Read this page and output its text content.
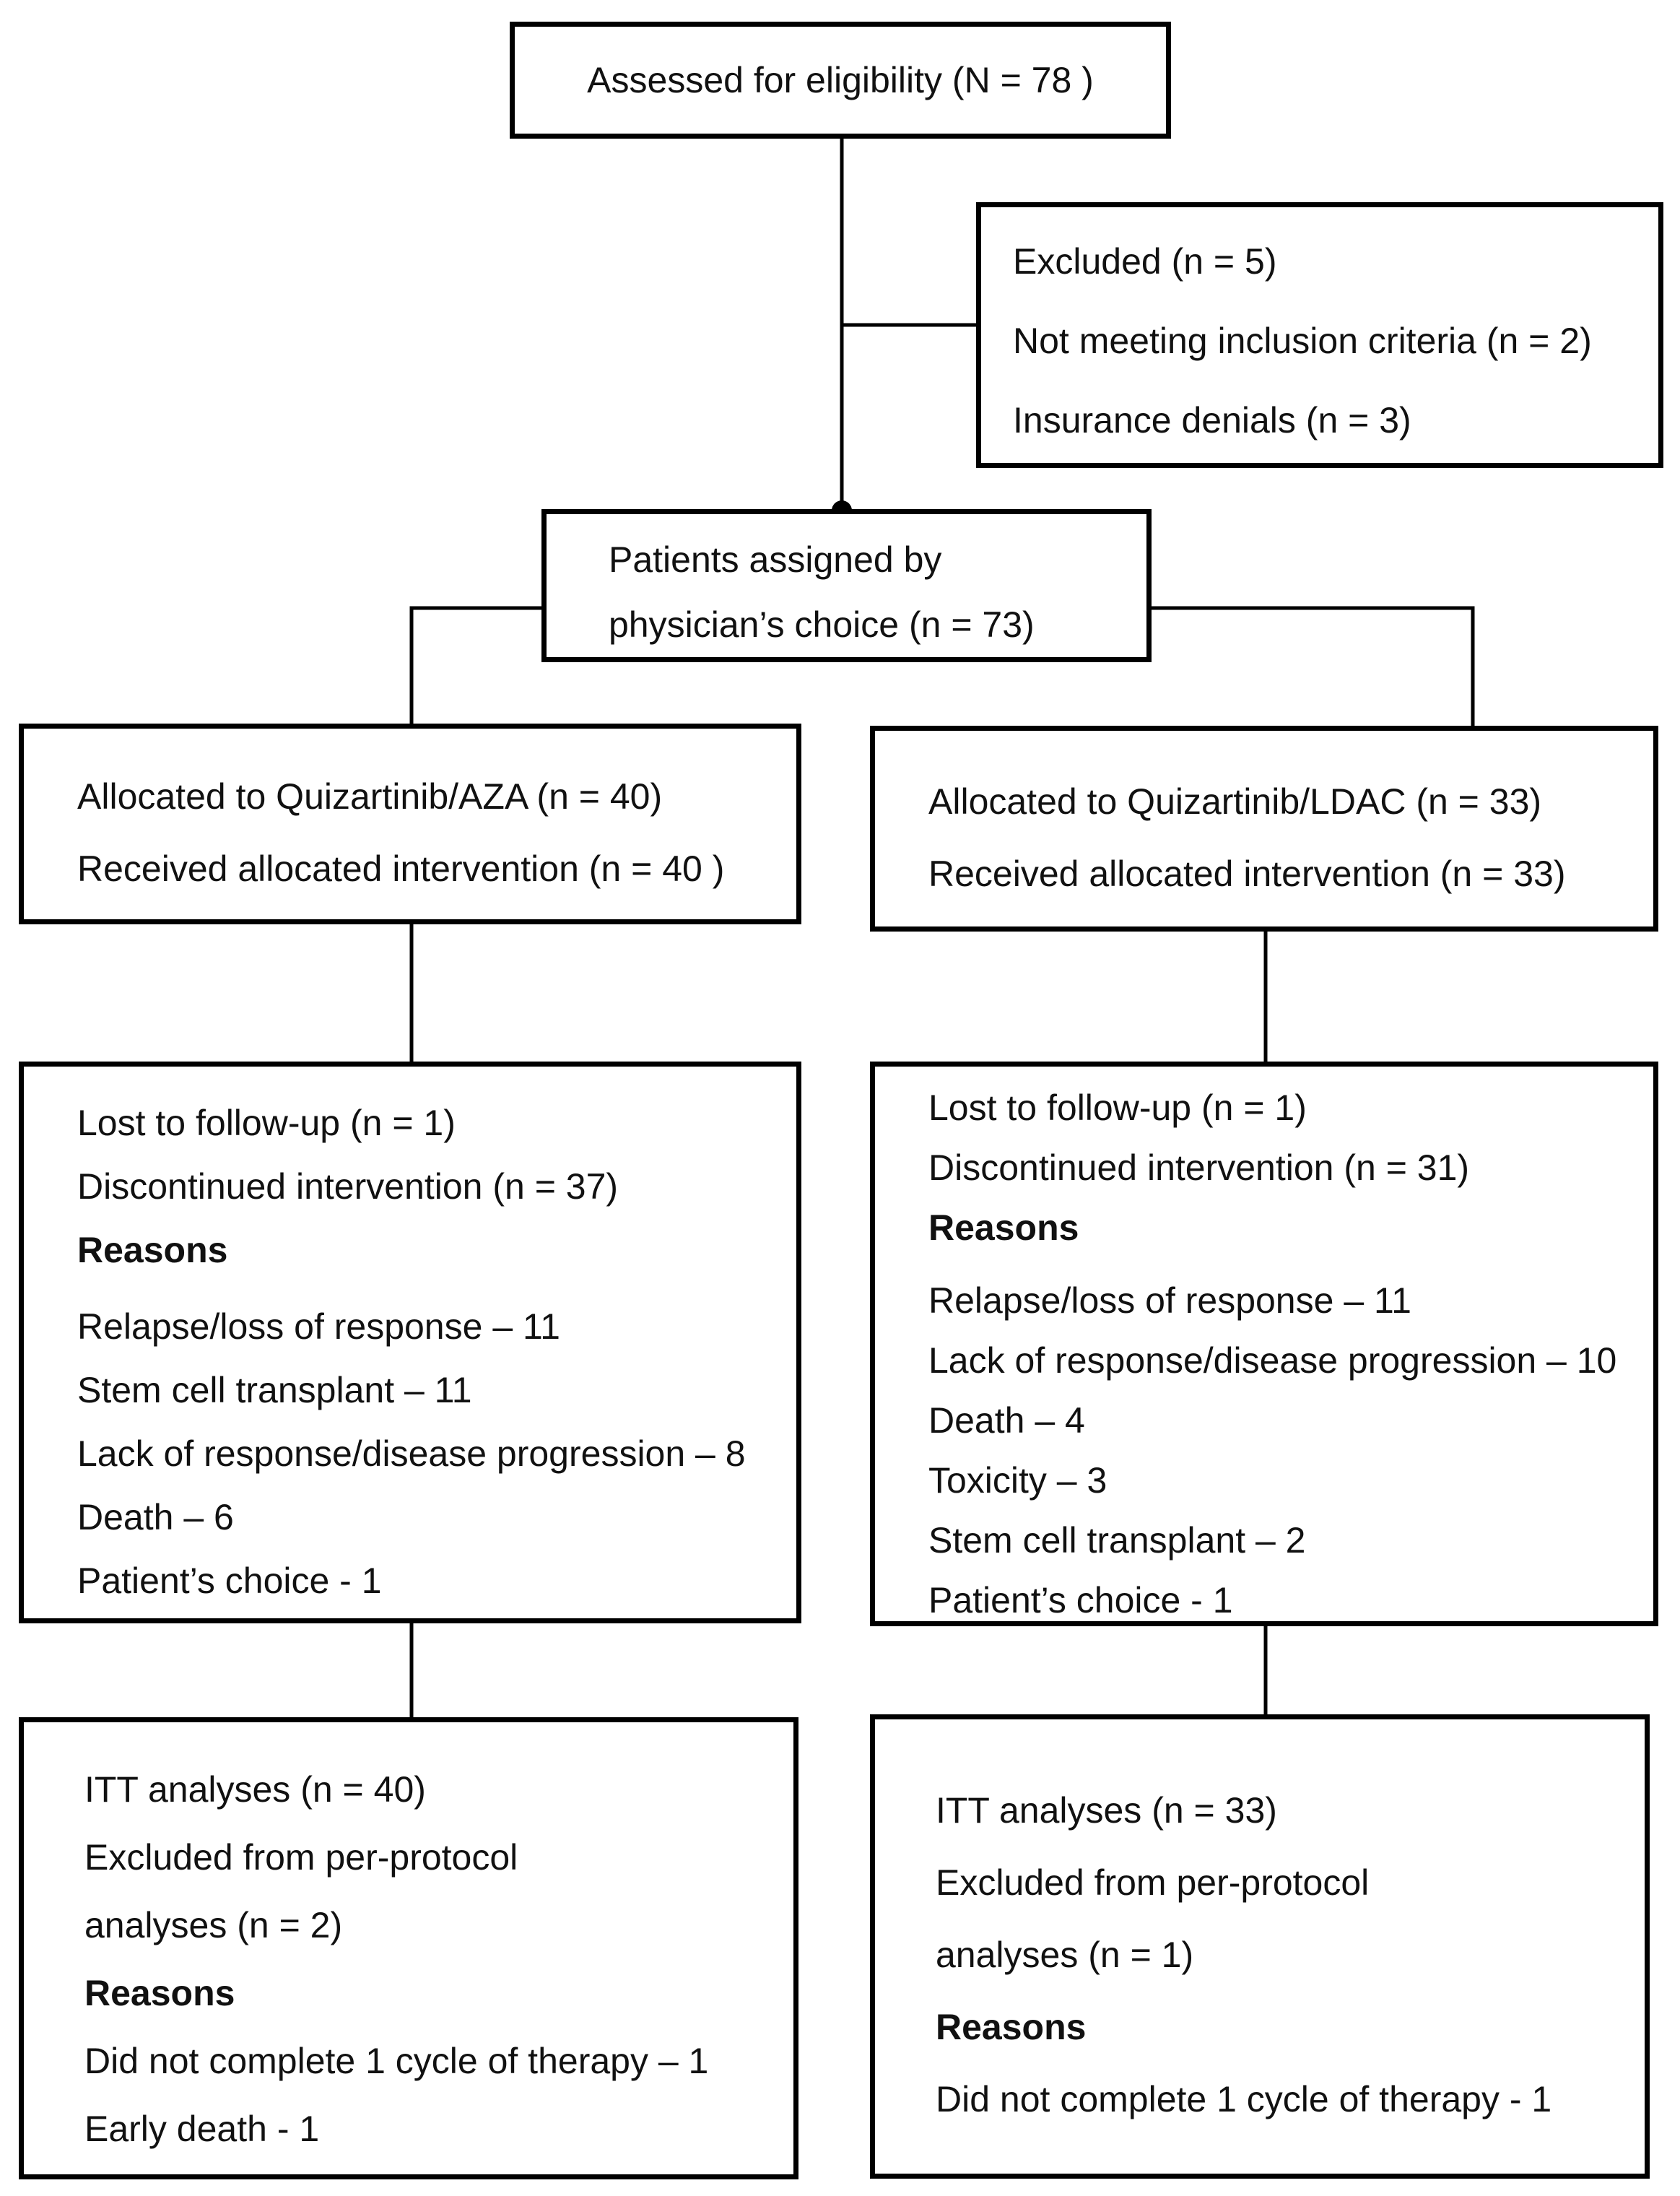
Assessed for eligibility (N = 78 )
Excluded (n = 5)
Not meeting inclusion criteria (n = 2)
Insurance denials (n = 3)
Patients assigned by
physician’s choice (n = 73)
Allocated to Quizartinib/AZA (n = 40)
Received allocated intervention (n = 40 )
Allocated to Quizartinib/LDAC (n = 33)
Received allocated intervention (n = 33)
Lost to follow-up (n = 1)
Discontinued intervention (n = 37)
Reasons
Relapse/loss of response – 11
Stem cell transplant – 11
Lack of response/disease progression – 8
Death – 6
Patient’s choice - 1
Lost to follow-up (n = 1)
Discontinued intervention (n = 31)
Reasons
Relapse/loss of response – 11
Lack of response/disease progression – 10
Death – 4
Toxicity – 3
Stem cell transplant – 2
Patient’s choice - 1
ITT analyses (n = 40)
Excluded from per-protocol
analyses (n = 2)
Reasons
Did not complete 1 cycle of therapy – 1
Early death - 1
ITT analyses (n = 33)
Excluded from per-protocol
analyses (n = 1)
Reasons
Did not complete 1 cycle of therapy - 1
